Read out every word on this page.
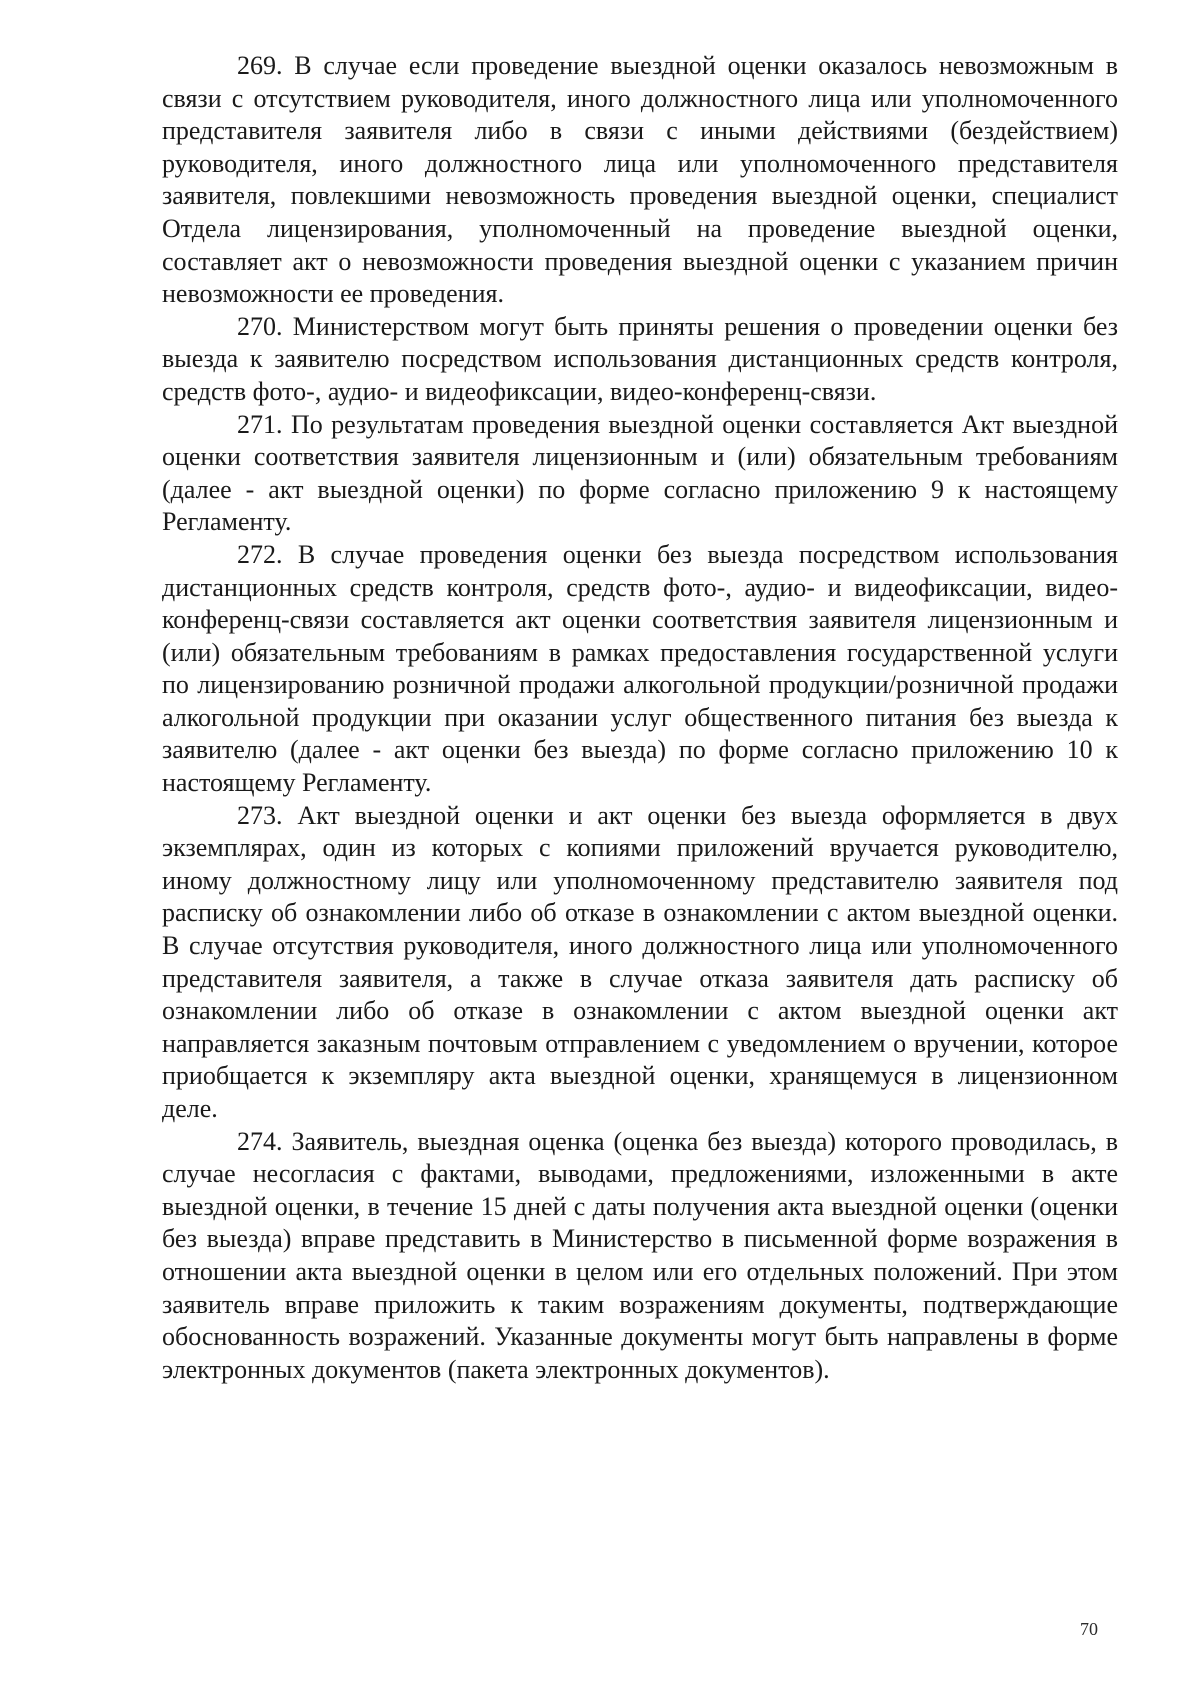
269. В случае если проведение выездной оценки оказалось невозможным в связи с отсутствием руководителя, иного должностного лица или уполномоченного представителя заявителя либо в связи с иными действиями (бездействием) руководителя, иного должностного лица или уполномоченного представителя заявителя, повлекшими невозможность проведения выездной оценки, специалист Отдела лицензирования, уполномоченный на проведение выездной оценки, составляет акт о невозможности проведения выездной оценки с указанием причин невозможности ее проведения.

270. Министерством могут быть приняты решения о проведении оценки без выезда к заявителю посредством использования дистанционных средств контроля, средств фото-, аудио- и видеофиксации, видео-конференц-связи.

271. По результатам проведения выездной оценки составляется Акт выездной оценки соответствия заявителя лицензионным и (или) обязательным требованиям (далее - акт выездной оценки) по форме согласно приложению 9 к настоящему Регламенту.

272. В случае проведения оценки без выезда посредством использования дистанционных средств контроля, средств фото-, аудио- и видеофиксации, видео-конференц-связи составляется акт оценки соответствия заявителя лицензионным и (или) обязательным требованиям в рамках предоставления государственной услуги по лицензированию розничной продажи алкогольной продукции/розничной продажи алкогольной продукции при оказании услуг общественного питания без выезда к заявителю (далее - акт оценки без выезда) по форме согласно приложению 10 к настоящему Регламенту.

273. Акт выездной оценки и акт оценки без выезда оформляется в двух экземплярах, один из которых с копиями приложений вручается руководителю, иному должностному лицу или уполномоченному представителю заявителя под расписку об ознакомлении либо об отказе в ознакомлении с актом выездной оценки. В случае отсутствия руководителя, иного должностного лица или уполномоченного представителя заявителя, а также в случае отказа заявителя дать расписку об ознакомлении либо об отказе в ознакомлении с актом выездной оценки акт направляется заказным почтовым отправлением с уведомлением о вручении, которое приобщается к экземпляру акта выездной оценки, хранящемуся в лицензионном деле.

274. Заявитель, выездная оценка (оценка без выезда) которого проводилась, в случае несогласия с фактами, выводами, предложениями, изложенными в акте выездной оценки, в течение 15 дней с даты получения акта выездной оценки (оценки без выезда) вправе представить в Министерство в письменной форме возражения в отношении акта выездной оценки в целом или его отдельных положений. При этом заявитель вправе приложить к таким возражениям документы, подтверждающие обоснованность возражений. Указанные документы могут быть направлены в форме электронных документов (пакета электронных документов).

70
